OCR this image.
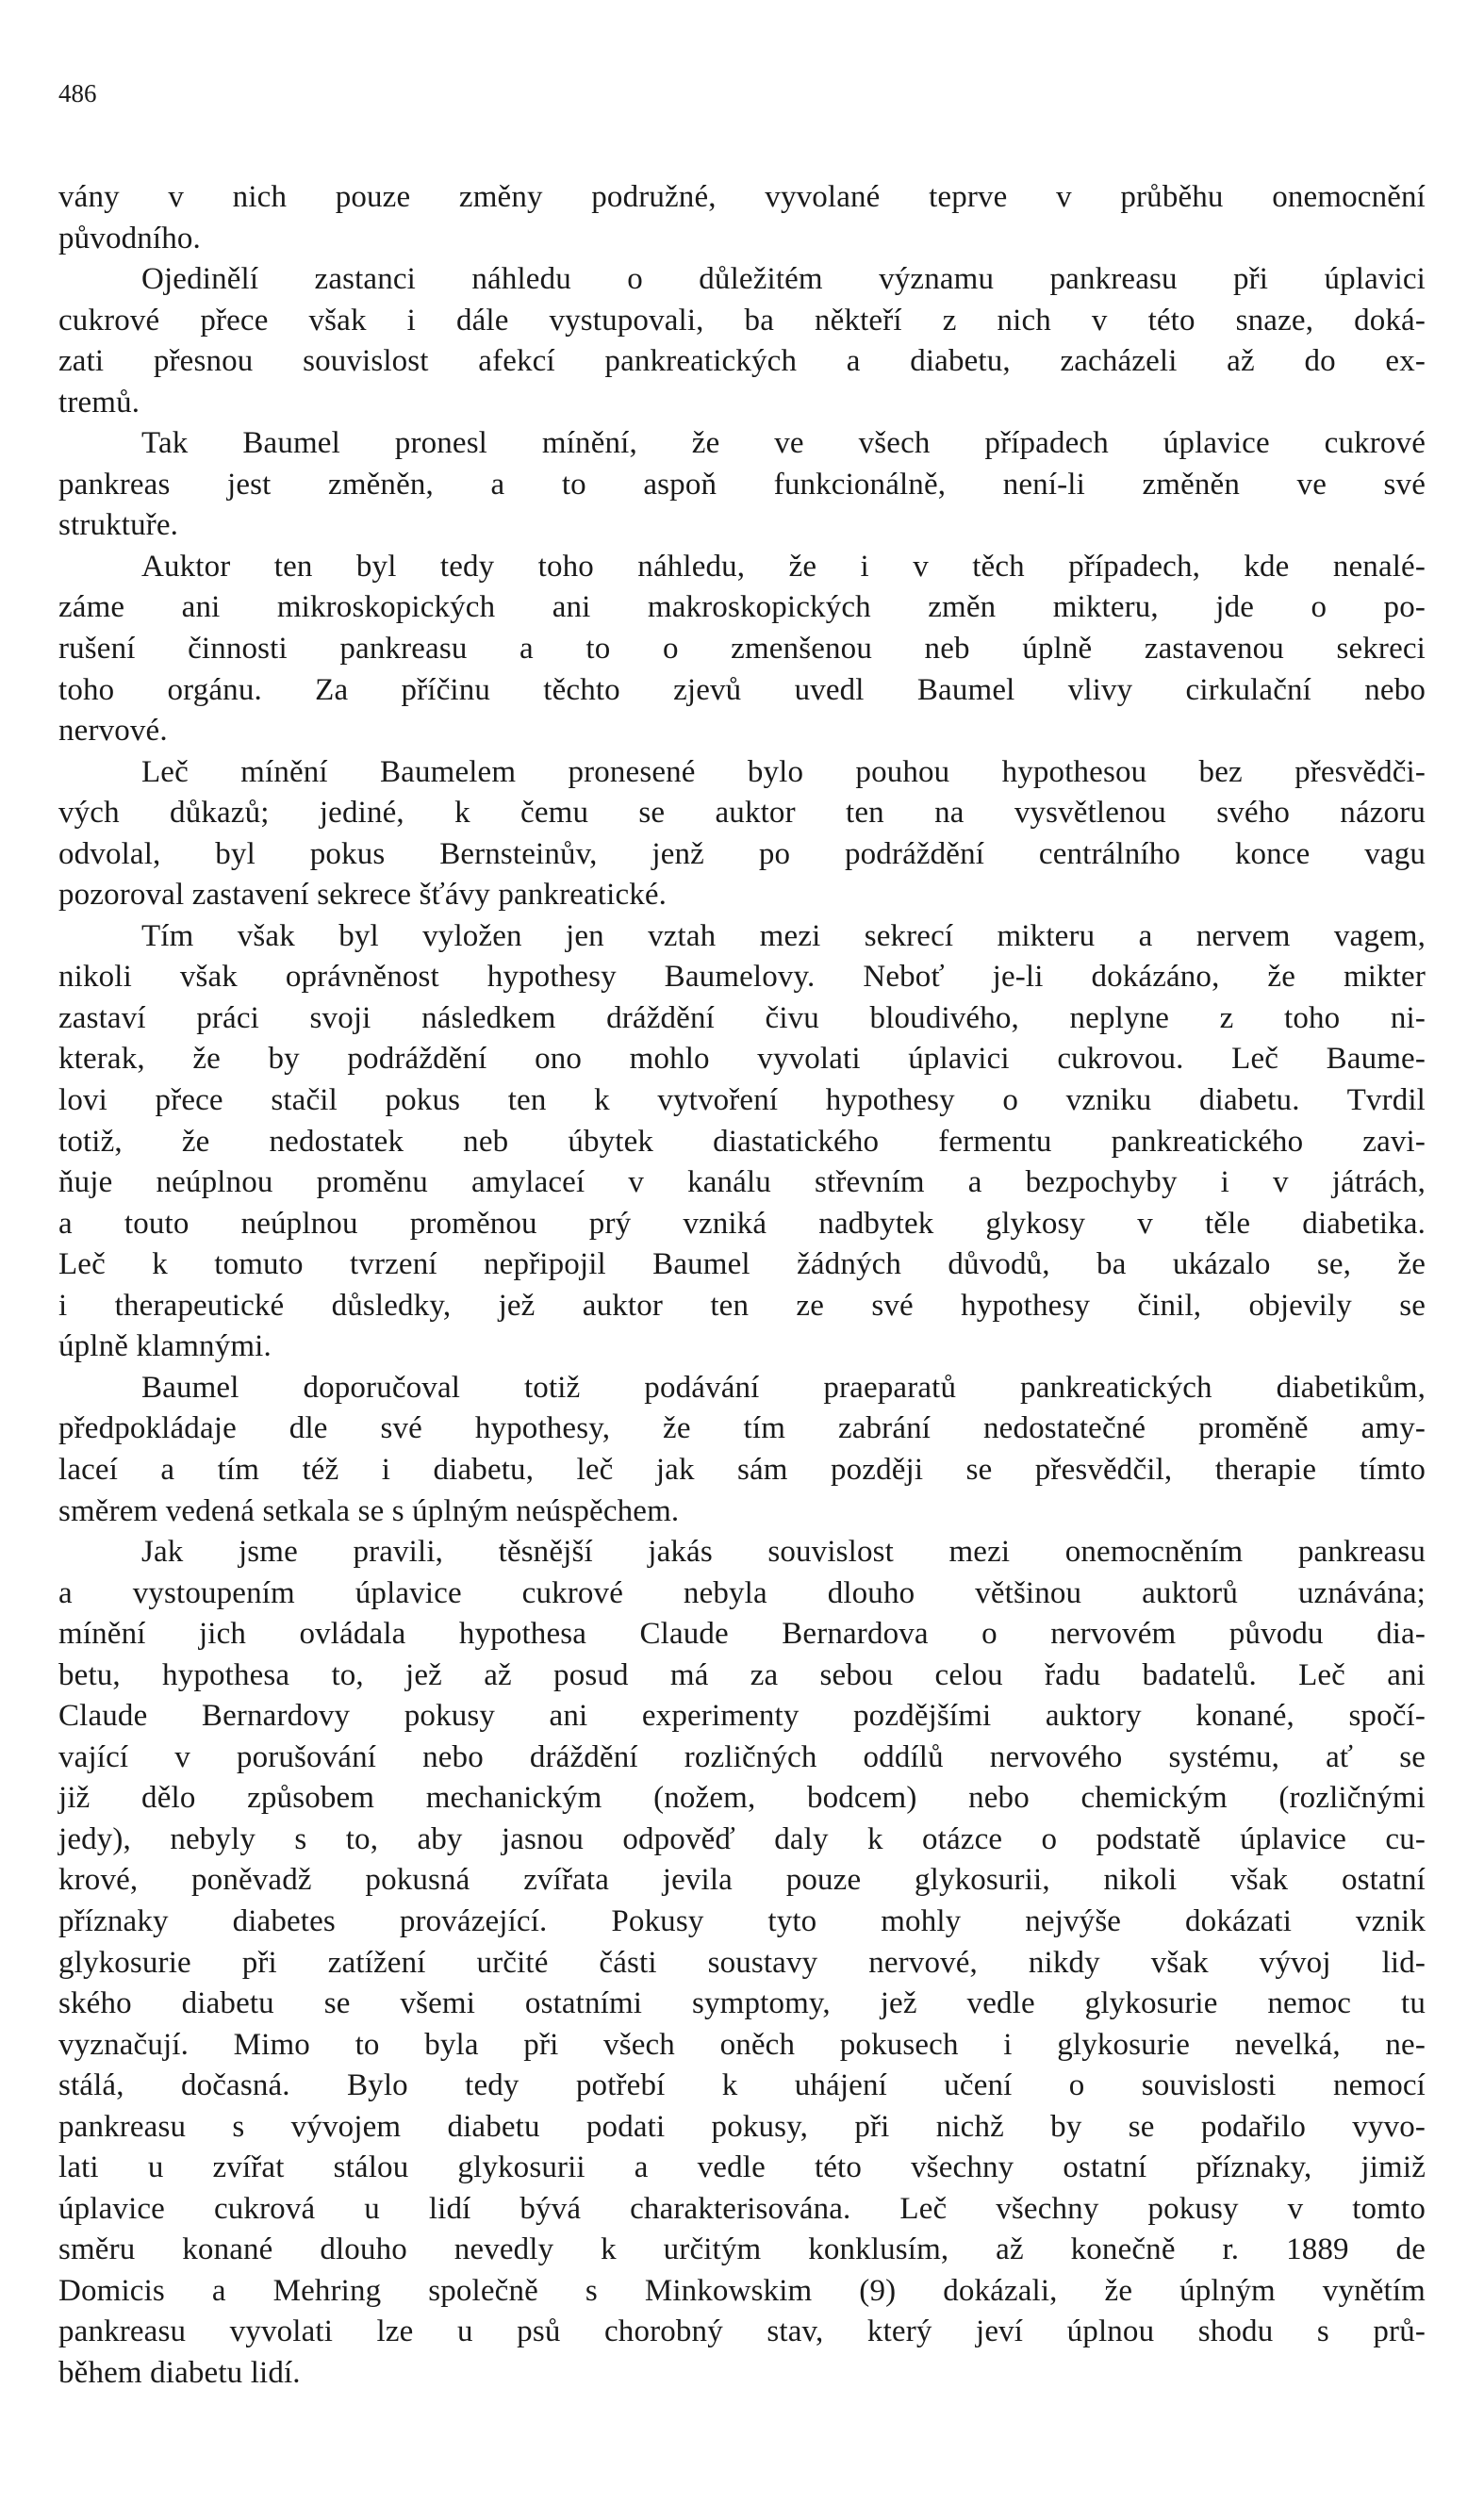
486
vány v nich pouze změny podružné, vyvolané teprve v průběhu onemocnění
původního.
Ojedinělí zastanci náhledu o důležitém významu pankreasu při úplavici
cukrové přece však i dále vystupovali, ba někteří z nich v této snaze, doká-
zati přesnou souvislost afekcí pankreatických a diabetu, zacházeli až do ex-
tremů.
Tak Baumel pronesl mínění, že ve všech případech úplavice cukrové
pankreas jest změněn, a to aspoň funkcionálně, není-li změněn ve své
struktuře.
Auktor ten byl tedy toho náhledu, že i v těch případech, kde nenalé-
záme ani mikroskopických ani makroskopických změn mikteru, jde o po-
rušení činnosti pankreasu a to o zmenšenou neb úplně zastavenou sekreci
toho orgánu. Za příčinu těchto zjevů uvedl Baumel vlivy cirkulační nebo
nervové.
Leč mínění Baumelem pronesené bylo pouhou hypothesou bez přesvědči-
vých důkazů; jediné, k čemu se auktor ten na vysvětlenou svého názoru
odvolal, byl pokus Bernsteinův, jenž po podráždění centrálního konce vagu
pozoroval zastavení sekrece šťávy pankreatické.
Tím však byl vyložen jen vztah mezi sekrecí mikteru a nervem vagem,
nikoli však oprávněnost hypothesy Baumelovy. Neboť je-li dokázáno, že mikter
zastaví práci svoji následkem dráždění čivu bloudivého, neplyne z toho ni-
kterak, že by podráždění ono mohlo vyvolati úplavici cukrovou. Leč Baume-
lovi přece stačil pokus ten k vytvoření hypothesy o vzniku diabetu. Tvrdil
totiž, že nedostatek neb úbytek diastatického fermentu pankreatického zavi-
ňuje neúplnou proměnu amylaceí v kanálu střevním a bezpochyby i v játrách,
a touto neúplnou proměnou prý vzniká nadbytek glykosy v těle diabetika.
Leč k tomuto tvrzení nepřipojil Baumel žádných důvodů, ba ukázalo se, že
i therapeutické důsledky, jež auktor ten ze své hypothesy činil, objevily se
úplně klamnými.
Baumel doporučoval totiž podávání praeparatů pankreatických diabetikům,
předpokládaje dle své hypothesy, že tím zabrání nedostatečné proměně amy-
laceí a tím též i diabetu, leč jak sám později se přesvědčil, therapie tímto
směrem vedená setkala se s úplným neúspěchem.
Jak jsme pravili, těsnější jakás souvislost mezi onemocněním pankreasu
a vystoupením úplavice cukrové nebyla dlouho většinou auktorů uznávána;
mínění jich ovládala hypothesa Claude Bernardova o nervovém původu dia-
betu, hypothesa to, jež až posud má za sebou celou řadu badatelů. Leč ani
Claude Bernardovy pokusy ani experimenty pozdějšími auktory konané, spočí-
vající v porušování nebo dráždění rozličných oddílů nervového systému, ať se
již dělo způsobem mechanickým (nožem, bodcem) nebo chemickým (rozličnými
jedy), nebyly s to, aby jasnou odpověď daly k otázce o podstatě úplavice cu-
krové, poněvadž pokusná zvířata jevila pouze glykosurii, nikoli však ostatní
příznaky diabetes provázející. Pokusy tyto mohly nejvýše dokázati vznik
glykosurie při zatížení určité části soustavy nervové, nikdy však vývoj lid-
ského diabetu se všemi ostatními symptomy, jež vedle glykosurie nemoc tu
vyznačují. Mimo to byla při všech oněch pokusech i glykosurie nevelká, ne-
stálá, dočasná. Bylo tedy potřebí k uhájení učení o souvislosti nemocí
pankreasu s vývojem diabetu podati pokusy, při nichž by se podařilo vyvo-
lati u zvířat stálou glykosurii a vedle této všechny ostatní příznaky, jimiž
úplavice cukrová u lidí bývá charakterisována. Leč všechny pokusy v tomto
směru konané dlouho nevedly k určitým konklusím, až konečně r. 1889 de
Domicis a Mehring společně s Minkowskim (9) dokázali, že úplným vynětím
pankreasu vyvolati lze u psů chorobný stav, který jeví úplnou shodu s prů-
během diabetu lidí.
